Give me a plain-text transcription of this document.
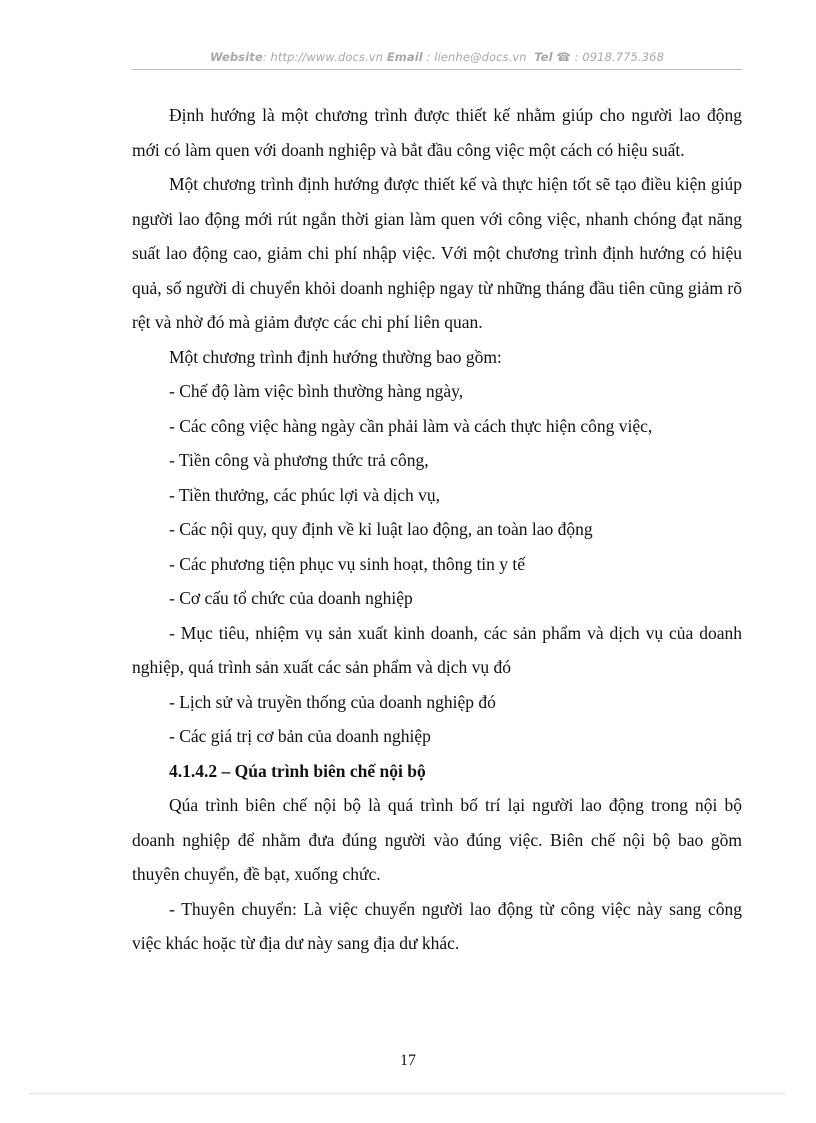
Website: http://www.docs.vn Email : lienhe@docs.vn Tel ☎ : 0918.775.368

Định hướng là một chương trình được thiết kế nhằm giúp cho người lao động mới có làm quen với doanh nghiệp và bắt đầu công việc một cách có hiệu suất.

Một chương trình định hướng được thiết kế và thực hiện tốt sẽ tạo điều kiện giúp người lao động mới rút ngắn thời gian làm quen với công việc, nhanh chóng đạt năng suất lao động cao, giảm chi phí nhập việc. Với một chương trình định hướng có hiệu quả, số người di chuyển khỏi doanh nghiệp ngay từ những tháng đầu tiên cũng giảm rõ rệt và nhờ đó mà giảm được các chi phí liên quan.

Một chương trình định hướng thường bao gồm:

- Chế độ làm việc bình thường hàng ngày,

- Các công việc hàng ngày cần phải làm và cách thực hiện công việc,

- Tiền công và phương thức trả công,

- Tiền thưởng, các phúc lợi và dịch vụ,

- Các nội quy, quy định về kỉ luật lao động, an toàn lao động

- Các phương tiện phục vụ sinh hoạt, thông tin y tế

- Cơ cấu tổ chức của doanh nghiệp

- Mục tiêu, nhiệm vụ sản xuất kinh doanh, các sản phẩm và dịch vụ của doanh nghiệp, quá trình sản xuất các sản phẩm và dịch vụ đó

- Lịch sử và truyền thống của doanh nghiệp đó

- Các giá trị cơ bản của doanh nghiệp

4.1.4.2 – Qúa trình biên chế nội bộ

Qúa trình biên chế nội bộ là quá trình bố trí lại người lao động trong nội bộ doanh nghiệp để nhằm đưa đúng người vào đúng việc. Biên chế nội bộ bao gồm thuyên chuyển, đề bạt, xuống chức.

- Thuyên chuyển: Là việc chuyển người lao động từ công việc này sang công việc khác hoặc từ địa dư này sang địa dư khác.

17
